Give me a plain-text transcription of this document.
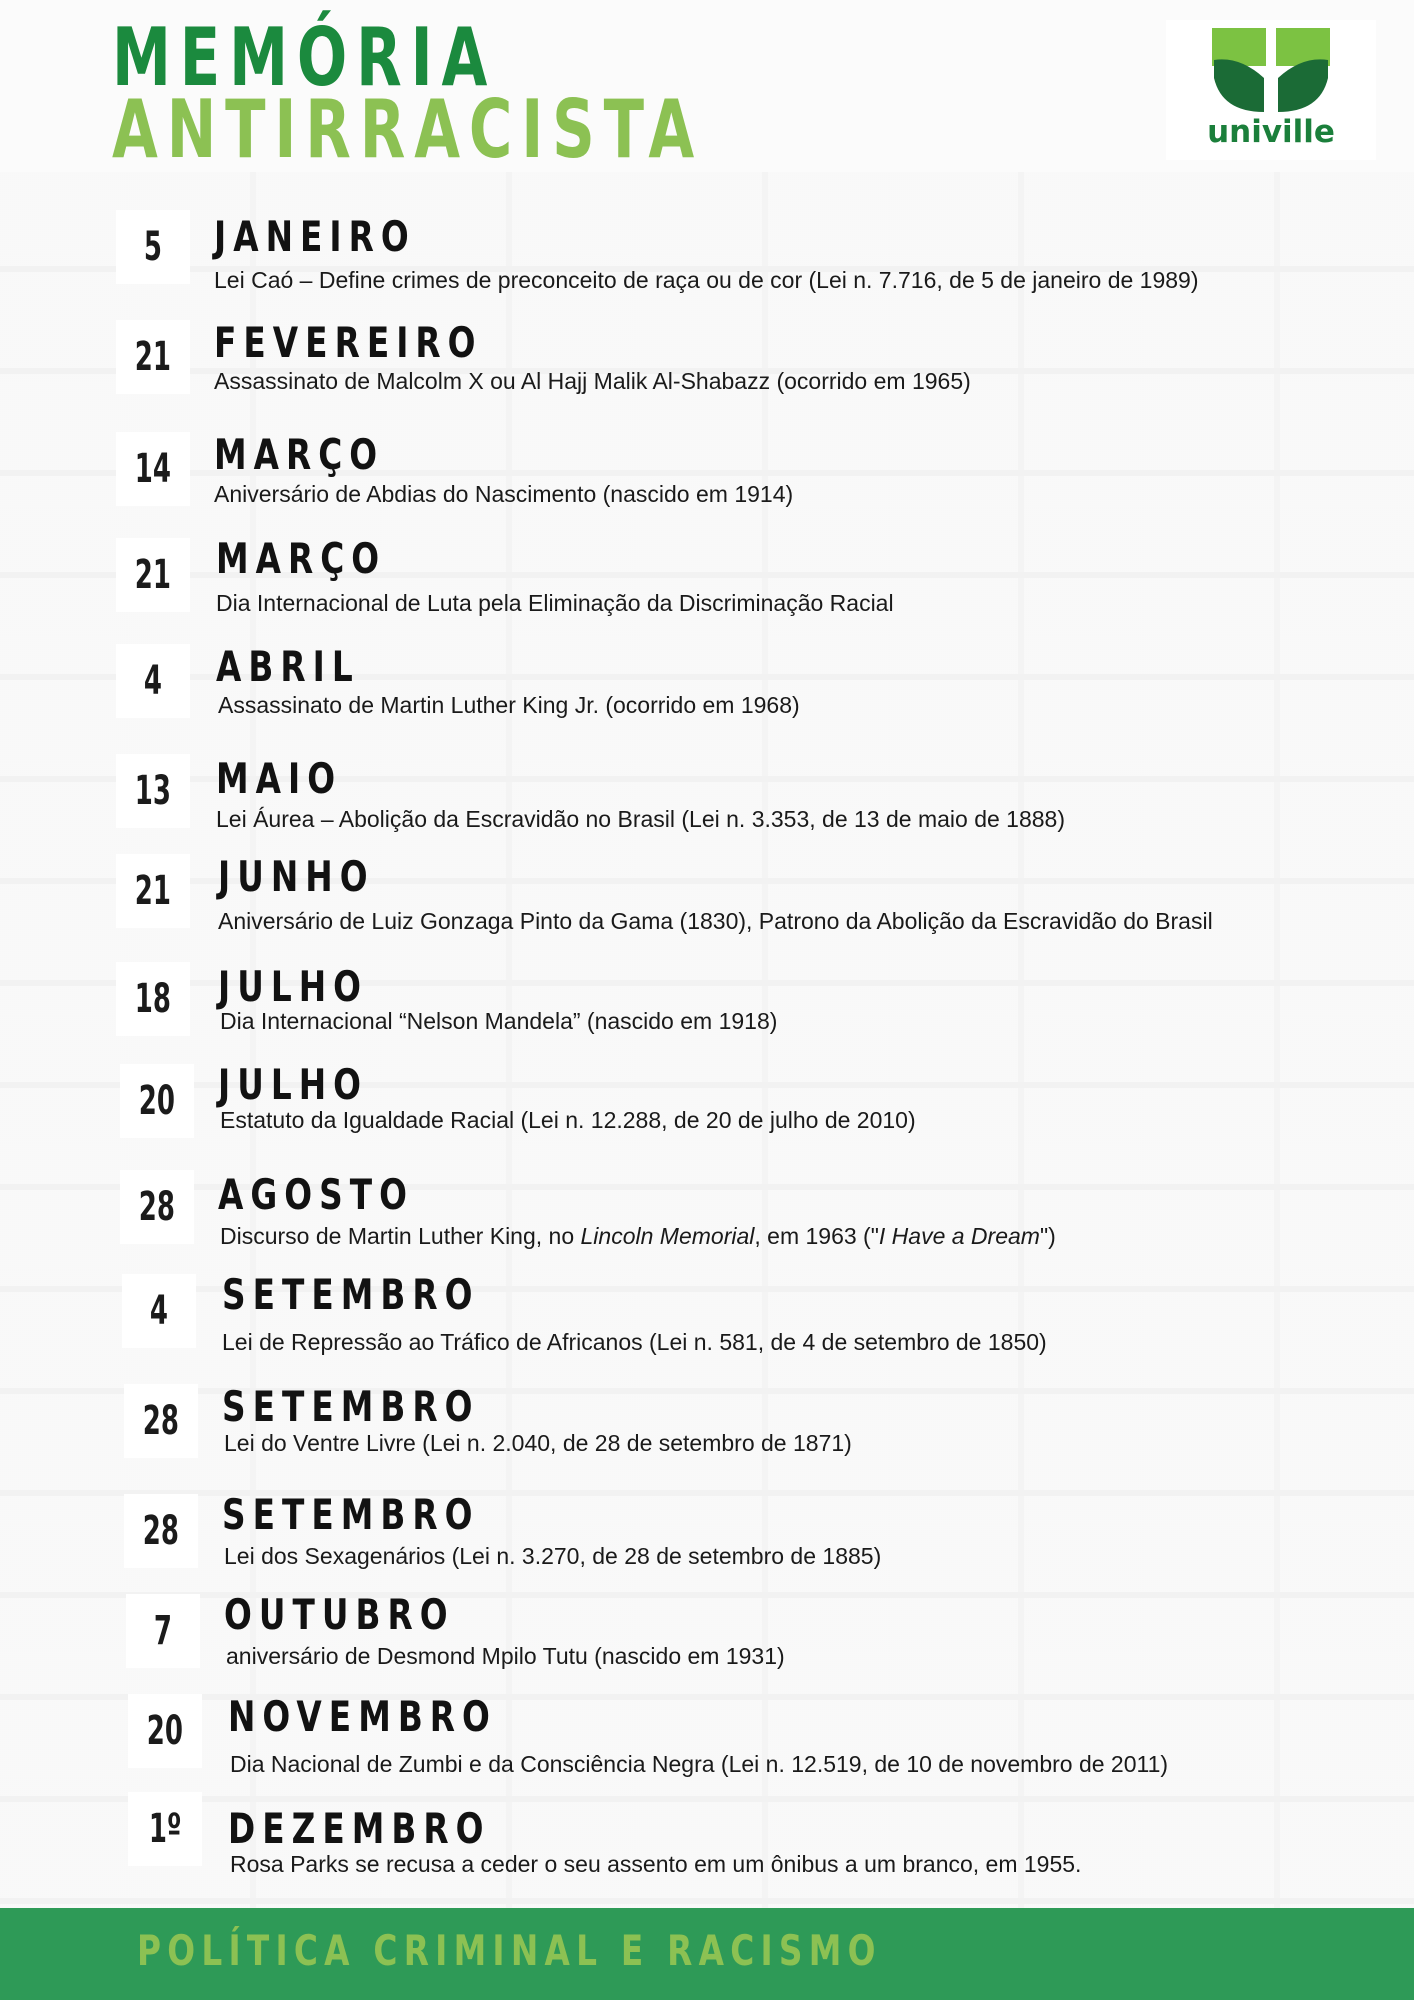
MEMÓRIA
ANTIRRACISTA	univille
5 JANEIRO

Lei Caó – Define crimes de preconceito de raça ou de cor (Lei n. 7.716, de 5 de janeiro de 1989)

21 FEVEREIRO

Assassinato de Malcolm X ou Al Hajj Malik Al-Shabazz (ocorrido em 1965)

14 MARÇO

Aniversário de Abdias do Nascimento (nascido em 1914)

21 MARÇO

Dia Internacional de Luta pela Eliminação da Discriminação Racial

4 ABRIL

Assassinato de Martin Luther King Jr. (ocorrido em 1968)

13 MAIO

Lei Áurea – Abolição da Escravidão no Brasil (Lei n. 3.353, de 13 de maio de 1888)

21 JUNHO

Aniversário de Luiz Gonzaga Pinto da Gama (1830), Patrono da Abolição da Escravidão do Brasil

18 JULHO

Dia Internacional “Nelson Mandela” (nascido em 1918)

20 JULHO

Estatuto da Igualdade Racial (Lei n. 12.288, de 20 de julho de 2010)

28 AGOSTO

Discurso de Martin Luther King, no Lincoln Memorial, em 1963 ("I Have a Dream")

4 SETEMBRO

Lei de Repressão ao Tráfico de Africanos (Lei n. 581, de 4 de setembro de 1850)

28 SETEMBRO

Lei do Ventre Livre (Lei n. 2.040, de 28 de setembro de 1871)

28 SETEMBRO

Lei dos Sexagenários (Lei n. 3.270, de 28 de setembro de 1885)

7 OUTUBRO

aniversário de Desmond Mpilo Tutu (nascido em 1931)

20 NOVEMBRO

Dia Nacional de Zumbi e da Consciência Negra (Lei n. 12.519, de 10 de novembro de 2011)

1º DEZEMBRO

Rosa Parks se recusa a ceder o seu assento em um ônibus a um branco, em 1955.

POLÍTICA CRIMINAL E RACISMO
